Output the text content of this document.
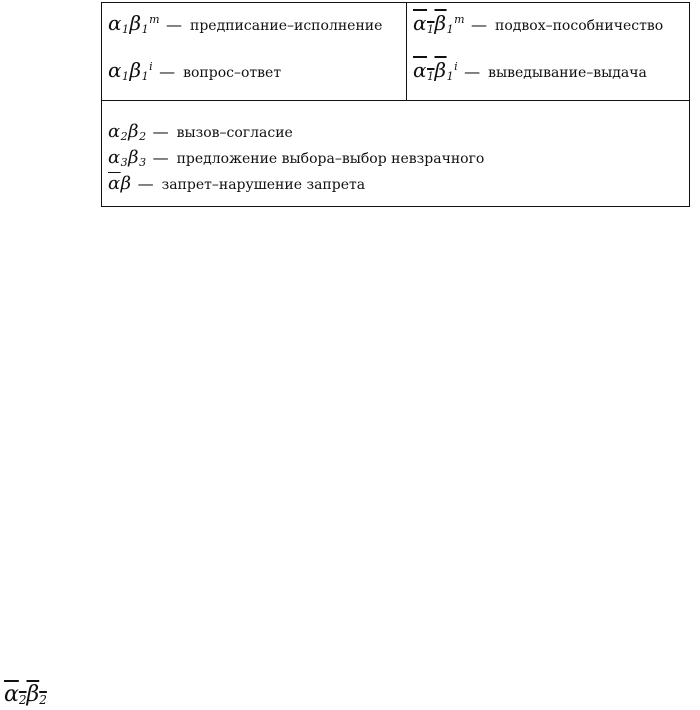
$\alpha_1\beta_1^m$ — предписание–исполнение
$\alpha_1\beta_1^i$ — вопрос–ответ
$\alpha_1\beta_1^m$ — подвох–пособничество
$\alpha_1\beta_1^i$ — выведывание–выдача
$\alpha_2\beta_2$ — вызов–согласие
$\alpha_3\beta_3$ — предложение выбора–выбор невзрачного
$\overline{\alpha}\beta$ — запрет–нарушение запрета
$\alpha_2\beta_2$
